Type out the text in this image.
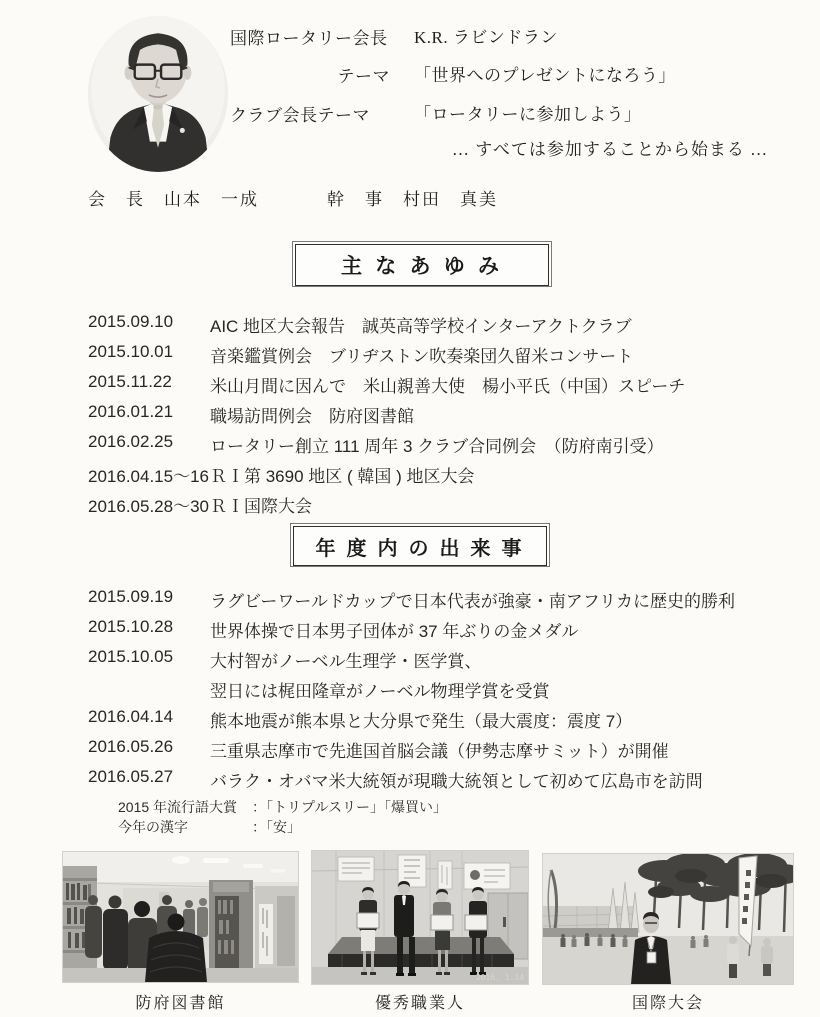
国際ロータリー会長 K.R. ラビンドラン
テーマ 「世界へのプレゼントになろう」
クラブ会長テーマ	「ロータリーに参加しよう」
… すべては参加することから始まる …
会　長　 山本　一成	幹　事　 村田　真美
主 な あ ゆ み
2015.09.10	AIC 地区大会報告　誠英高等学校インターアクトクラブ
2015.10.01	音楽鑑賞例会　ブリヂストン吹奏楽団久留米コンサート
2015.11.22	米山月間に因んで　米山親善大使　楊小平氏（中国）スピーチ
2016.01.21	職場訪問例会　防府図書館
2016.02.25	ロータリー創立 111 周年 3 クラブ合同例会　（防府南引受）
2016.04.15～16 ＲＩ第 3690 地区 ( 韓国 ) 地区大会
2016.05.28～30 ＲＩ国際大会
年 度 内 の 出 来 事
2015.09.19	ラグビーワールドカップで日本代表が強豪・南アフリカに歴史的勝利
2015.10.28	世界体操で日本男子団体が 37 年ぶりの金メダル
2015.10.05	大村智がノーベル生理学・医学賞、
翌日には梶田隆章がノーベル物理学賞を受賞
2016.04.14	熊本地震が熊本県と大分県で発生（最大震度：震度 7）
2016.05.26	三重県志摩市で先進国首脳会議（伊勢志摩サミット）が開催
2016.05.27	バラク・オバマ米大統領が現職大統領として初めて広島市を訪問
2015 年流行語大賞	：「トリプルスリー」「爆買い」
今年の漢字	：「安」
2016. 1.14
防府図書館	優秀職業人	国際大会
